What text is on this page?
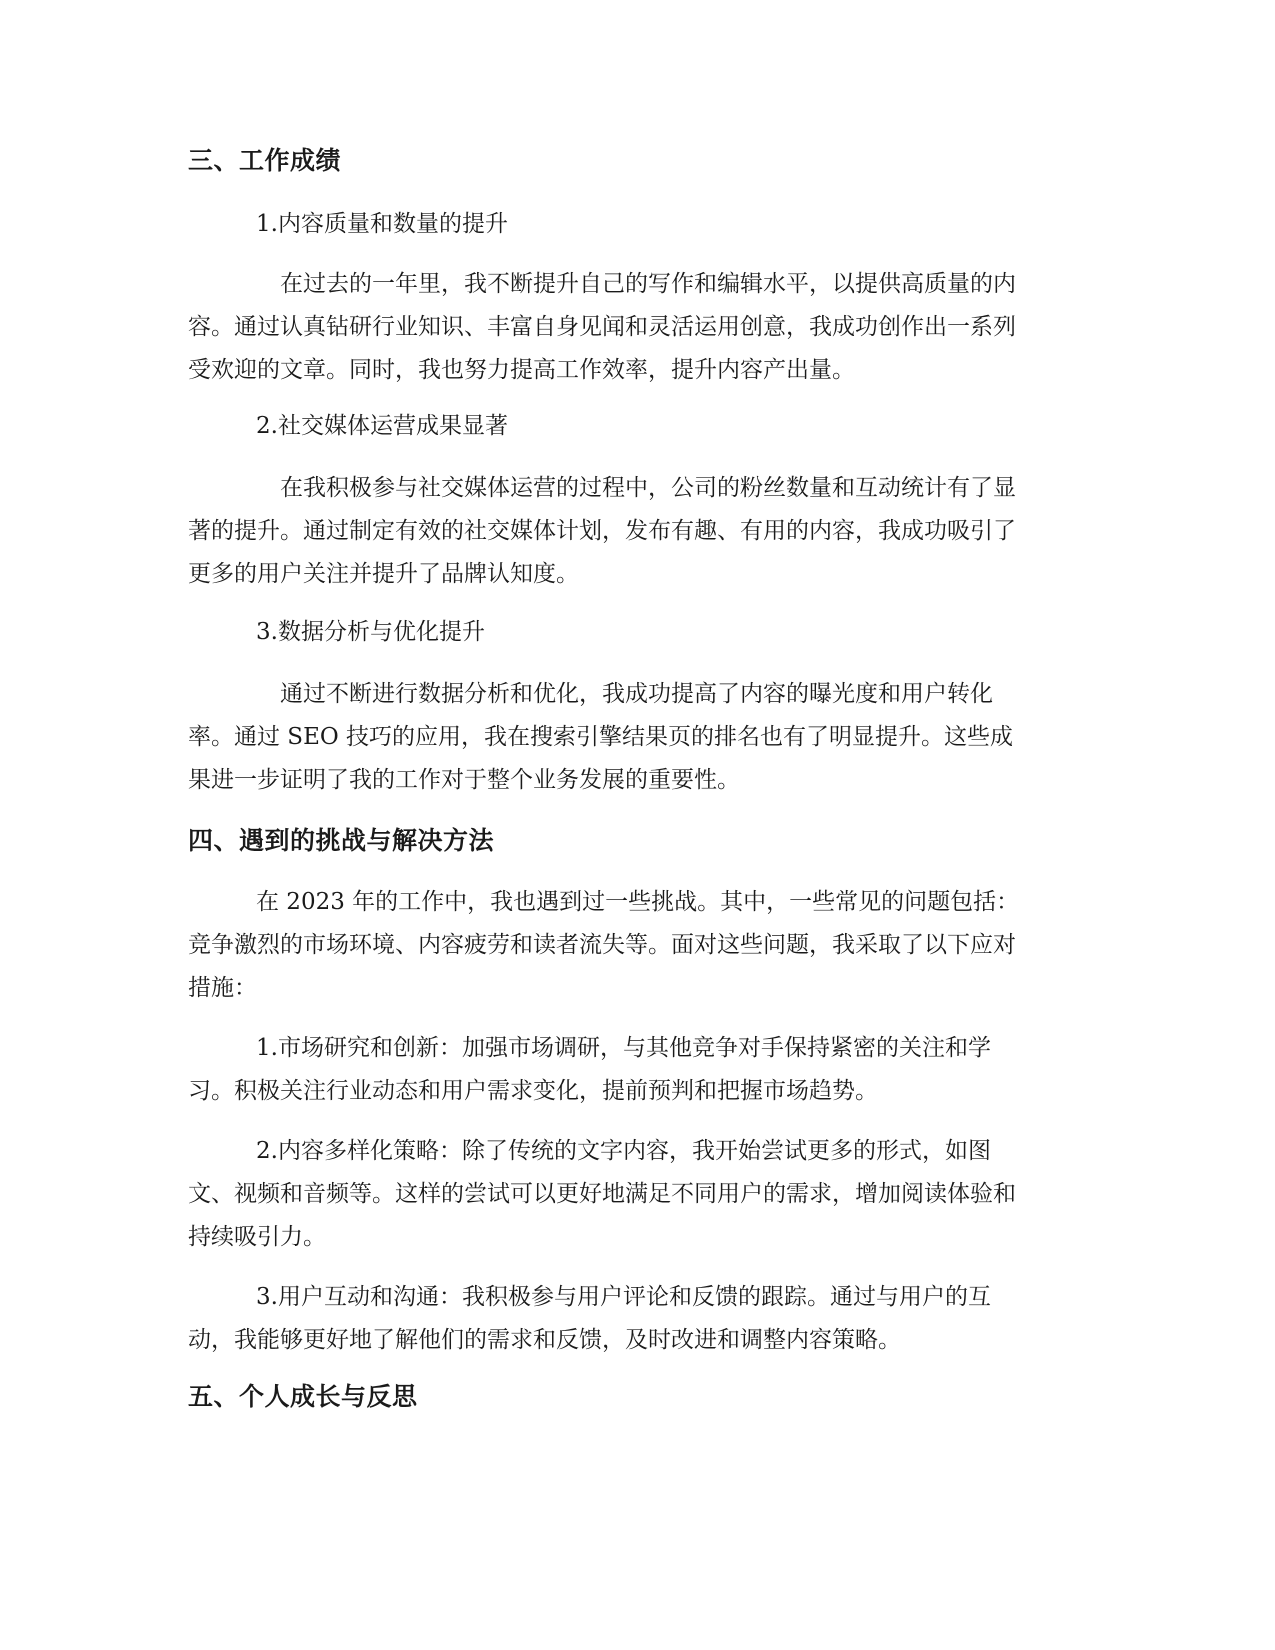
三、工作成绩

1.内容质量和数量的提升

在过去的一年里，我不断提升自己的写作和编辑水平，以提供高质量的内
容。通过认真钻研行业知识、丰富自身见闻和灵活运用创意，我成功创作出一系列
受欢迎的文章。同时，我也努力提高工作效率，提升内容产出量。

2.社交媒体运营成果显著

在我积极参与社交媒体运营的过程中，公司的粉丝数量和互动统计有了显
著的提升。通过制定有效的社交媒体计划，发布有趣、有用的内容，我成功吸引了
更多的用户关注并提升了品牌认知度。

3.数据分析与优化提升

通过不断进行数据分析和优化，我成功提高了内容的曝光度和用户转化
率。通过 SEO 技巧的应用，我在搜索引擎结果页的排名也有了明显提升。这些成
果进一步证明了我的工作对于整个业务发展的重要性。

四、遇到的挑战与解决方法

在 2023 年的工作中，我也遇到过一些挑战。其中，一些常见的问题包括：
竞争激烈的市场环境、内容疲劳和读者流失等。面对这些问题，我采取了以下应对
措施：

1.市场研究和创新：加强市场调研，与其他竞争对手保持紧密的关注和学
习。积极关注行业动态和用户需求变化，提前预判和把握市场趋势。

2.内容多样化策略：除了传统的文字内容，我开始尝试更多的形式，如图
文、视频和音频等。这样的尝试可以更好地满足不同用户的需求，增加阅读体验和
持续吸引力。

3.用户互动和沟通：我积极参与用户评论和反馈的跟踪。通过与用户的互
动，我能够更好地了解他们的需求和反馈，及时改进和调整内容策略。

五、个人成长与反思
